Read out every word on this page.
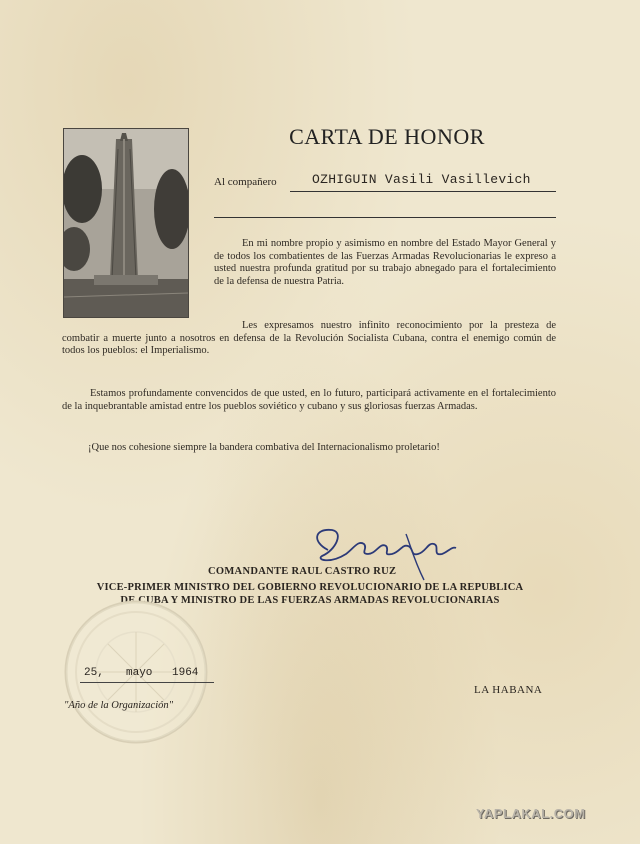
CARTA DE HONOR
Al compañero	OZHIGUIN Vasili Vasillevich
En mi nombre propio y asimismo en nombre del Estado Mayor General y de todos los combatientes de las Fuerzas Armadas Revolucionarias le expreso a usted nuestra profunda gratitud por su trabajo abnegado para el fortalecimiento de la defensa de nuestra Patria.
Les expresamos nuestro infinito reconocimiento por la presteza de combatir a muerte junto a nosotros en defensa de la Revolución Socialista Cubana, contra el enemigo común de todos los pueblos: el Imperialismo.
Estamos profundamente convencidos de que usted, en lo futuro, participará activamente en el fortalecimiento de la inquebrantable amistad entre los pueblos soviético y cubano y sus gloriosas fuerzas Armadas.
¡Que nos cohesione siempre la bandera combativa del Internacionalismo proletario!
COMANDANTE RAUL CASTRO RUZ
VICE-PRIMER MINISTRO DEL GOBIERNO REVOLUCIONARIO DE LA REPUBLICA
DE CUBA Y MINISTRO DE LAS FUERZAS ARMADAS REVOLUCIONARIAS
25, mayo 1964
"Año de la Organización"
LA HABANA
YAPLAKAL.COM
